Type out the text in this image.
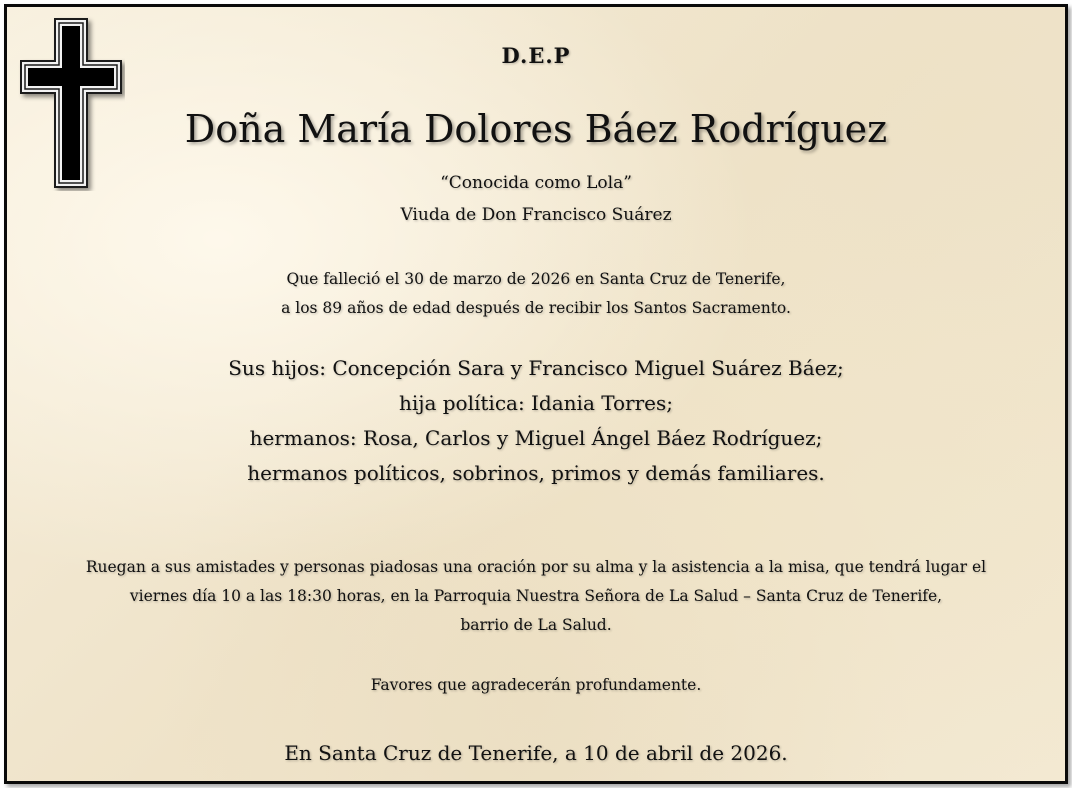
D.E.P
Doña María Dolores Báez Rodríguez
“Conocida como Lola”
Viuda de Don Francisco Suárez
Que falleció el 30 de marzo de 2026 en Santa Cruz de Tenerife,
a los 89 años de edad después de recibir los Santos Sacramento.
Sus hijos: Concepción Sara y Francisco Miguel Suárez Báez;
hija política: Idania Torres;
hermanos: Rosa, Carlos y Miguel Ángel Báez Rodríguez;
hermanos políticos, sobrinos, primos y demás familiares.
Ruegan a sus amistades y personas piadosas una oración por su alma y la asistencia a la misa, que tendrá lugar el
viernes día 10 a las 18:30 horas, en la Parroquia Nuestra Señora de La Salud – Santa Cruz de Tenerife,
barrio de La Salud.
Favores que agradecerán profundamente.
En Santa Cruz de Tenerife, a 10 de abril de 2026.
